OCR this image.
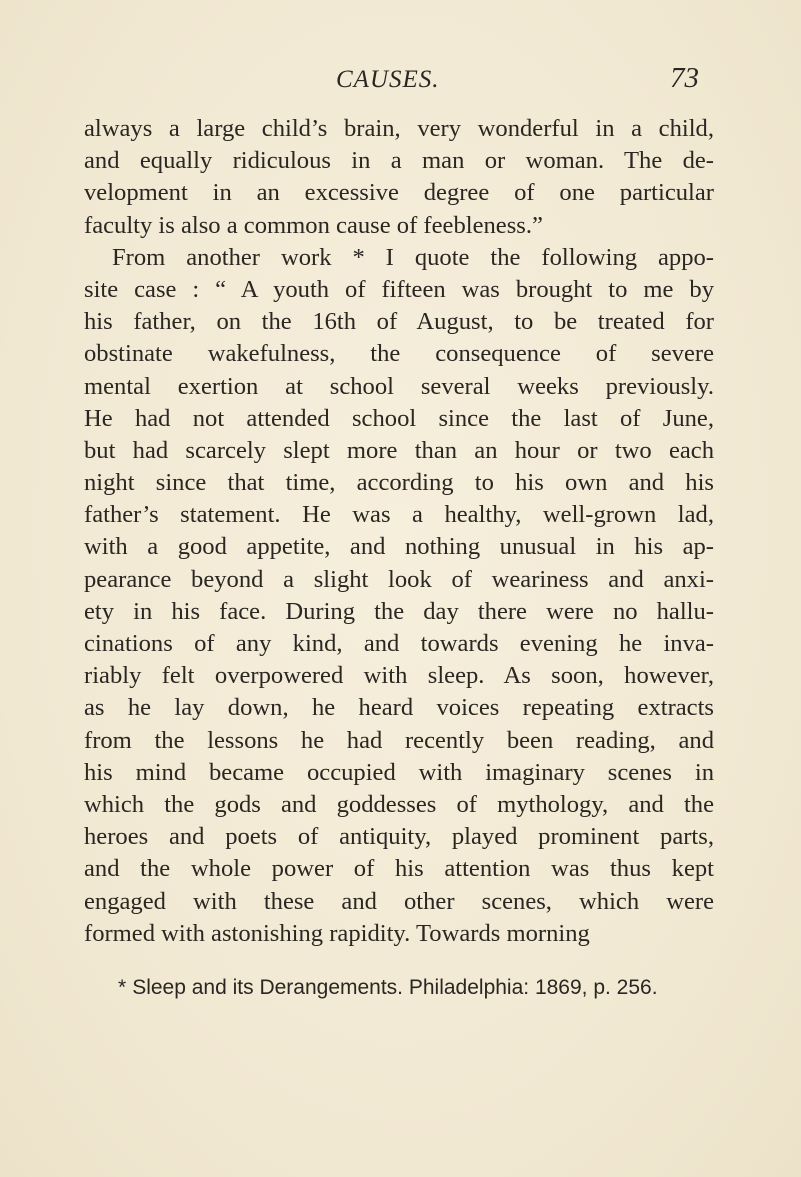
CAUSES.	73
always a large child’s brain, very wonderful in a child,
and equally ridiculous in a man or woman. The de-
velopment in an excessive degree of one particular
faculty is also a common cause of feebleness.”
From another work * I quote the following appo-
site case : “ A youth of fifteen was brought to me by
his father, on the 16th of August, to be treated for
obstinate wakefulness, the consequence of severe
mental exertion at school several weeks previously.
He had not attended school since the last of June,
but had scarcely slept more than an hour or two each
night since that time, according to his own and his
father’s statement. He was a healthy, well-grown lad,
with a good appetite, and nothing unusual in his ap-
pearance beyond a slight look of weariness and anxi-
ety in his face. During the day there were no hallu-
cinations of any kind, and towards evening he inva-
riably felt overpowered with sleep. As soon, however,
as he lay down, he heard voices repeating extracts
from the lessons he had recently been reading, and
his mind became occupied with imaginary scenes in
which the gods and goddesses of mythology, and the
heroes and poets of antiquity, played prominent parts,
and the whole power of his attention was thus kept
engaged with these and other scenes, which were
formed with astonishing rapidity. Towards morning
* Sleep and its Derangements. Philadelphia: 1869, p. 256.
